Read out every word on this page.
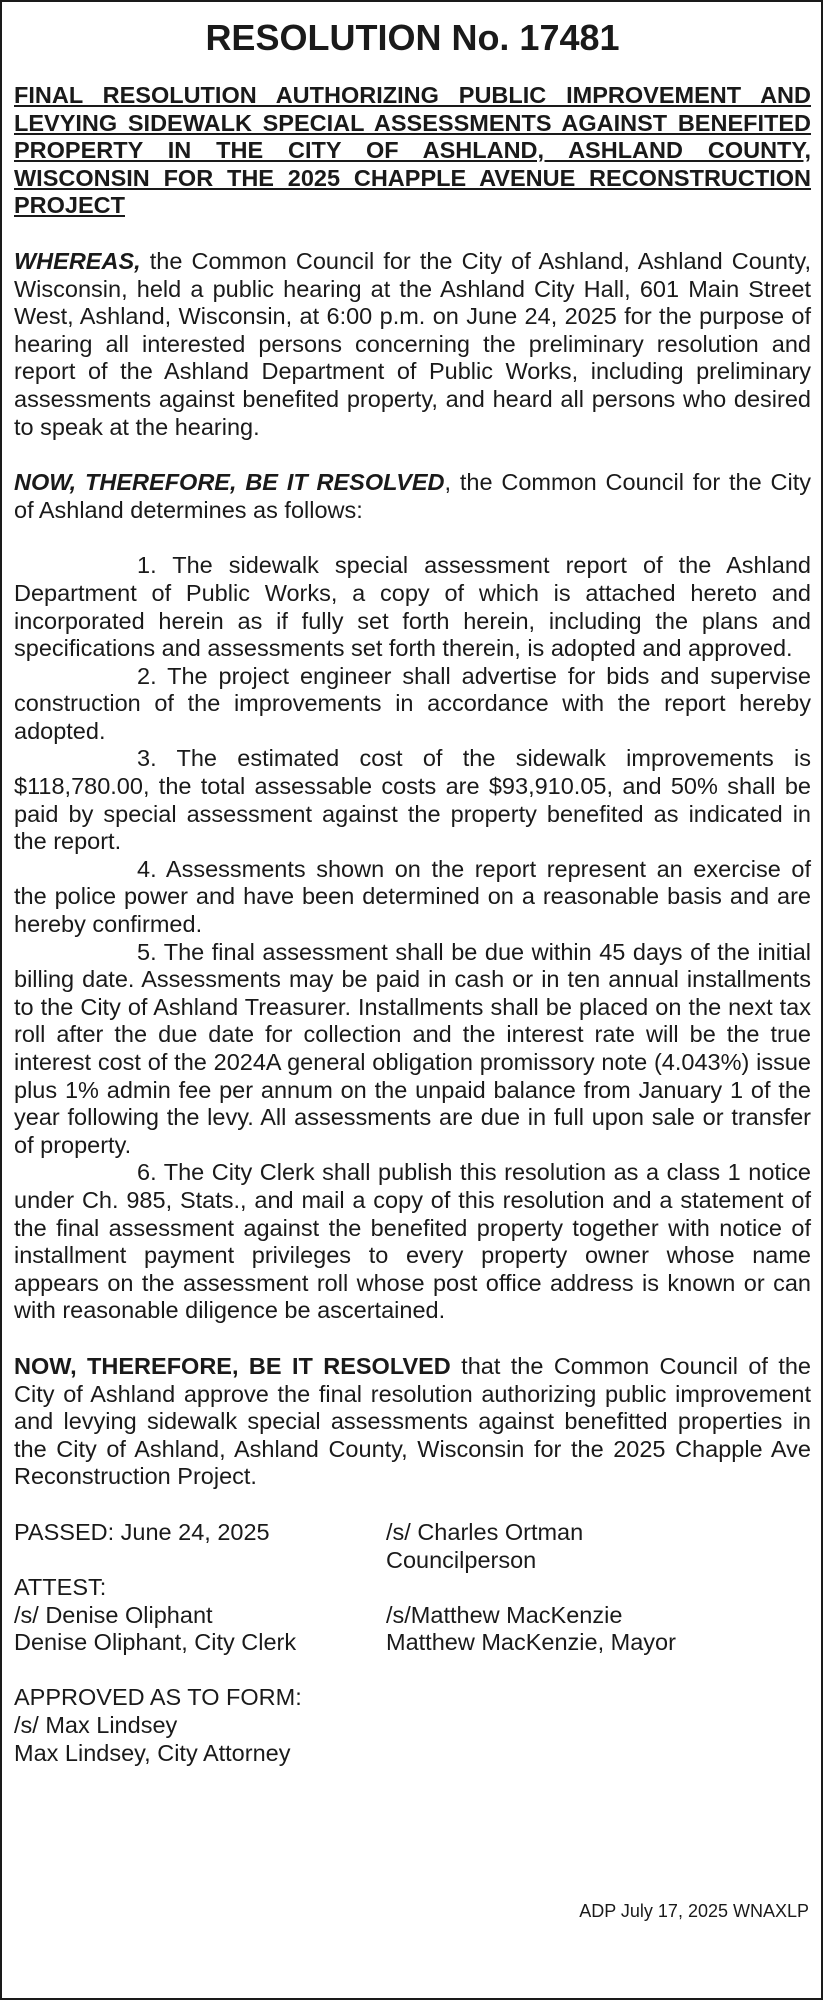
RESOLUTION No. 17481
FINAL RESOLUTION AUTHORIZING PUBLIC IMPROVEMENT AND LEVYING SIDEWALK SPECIAL ASSESSMENTS AGAINST BENEFITED PROPERTY IN THE CITY OF ASHLAND, ASHLAND COUNTY, WISCONSIN FOR THE 2025 CHAPPLE AVENUE RECONSTRUCTION PROJECT

WHEREAS, the Common Council for the City of Ashland, Ashland County, Wisconsin, held a public hearing at the Ashland City Hall, 601 Main Street West, Ashland, Wisconsin, at 6:00 p.m. on June 24, 2025 for the purpose of hearing all interested persons concerning the preliminary resolution and report of the Ashland Department of Public Works, including preliminary assessments against benefited property, and heard all persons who desired to speak at the hearing.

NOW, THEREFORE, BE IT RESOLVED, the Common Council for the City of Ashland determines as follows:

1. The sidewalk special assessment report of the Ashland Department of Public Works, a copy of which is attached hereto and incorporated herein as if fully set forth herein, including the plans and specifications and assessments set forth therein, is adopted and approved.

2. The project engineer shall advertise for bids and supervise construction of the improvements in accordance with the report hereby adopted.

3. The estimated cost of the sidewalk improvements is $118,780.00, the total assessable costs are $93,910.05, and 50% shall be paid by special assessment against the property benefited as indicated in the report.

4. Assessments shown on the report represent an exercise of the police power and have been determined on a reasonable basis and are hereby confirmed.

5. The final assessment shall be due within 45 days of the initial billing date. Assessments may be paid in cash or in ten annual installments to the City of Ashland Treasurer. Installments shall be placed on the next tax roll after the due date for collection and the interest rate will be the true interest cost of the 2024A general obligation promissory note (4.043%) issue plus 1% admin fee per annum on the unpaid balance from January 1 of the year following the levy. All assessments are due in full upon sale or transfer of property.

6. The City Clerk shall publish this resolution as a class 1 notice under Ch. 985, Stats., and mail a copy of this resolution and a statement of the final assessment against the benefited property together with notice of installment payment privileges to every property owner whose name appears on the assessment roll whose post office address is known or can with reasonable diligence be ascertained.

NOW, THEREFORE, BE IT RESOLVED that the Common Council of the City of Ashland approve the final resolution authorizing public improvement and levying sidewalk special assessments against benefitted properties in the City of Ashland, Ashland County, Wisconsin for the 2025 Chapple Ave Reconstruction Project.

PASSED: June 24, 2025	/s/ Charles Ortman
Councilperson
ATTEST:
/s/ Denise Oliphant
Denise Oliphant, City Clerk

/s/Matthew MacKenzie
Matthew MacKenzie, Mayor
APPROVED AS TO FORM:
/s/ Max Lindsey
Max Lindsey, City Attorney
ADP July 17, 2025 WNAXLP
